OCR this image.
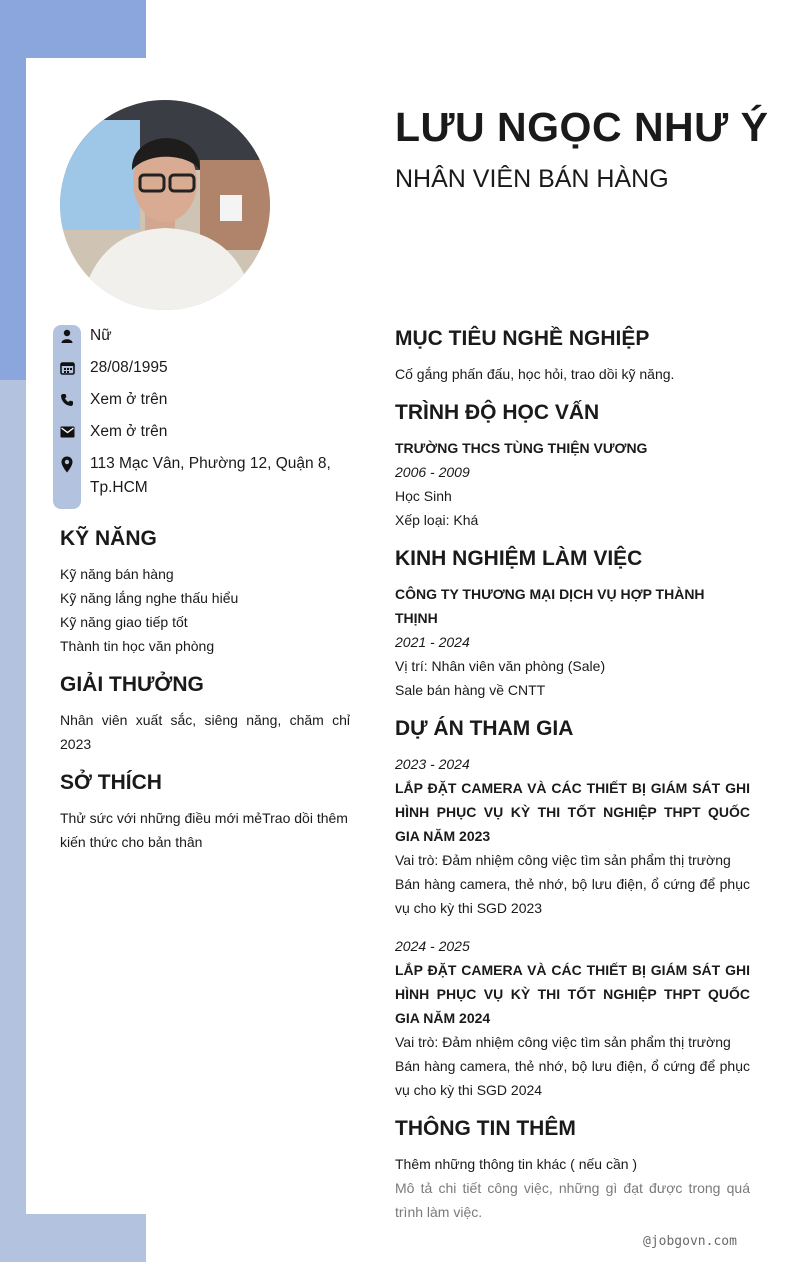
LƯU NGỌC NHƯ Ý
NHÂN VIÊN BÁN HÀNG
Nữ
28/08/1995
Xem ở trên
Xem ở trên
113 Mạc Vân, Phường 12, Quận 8, Tp.HCM
KỸ NĂNG
Kỹ năng bán hàng
Kỹ năng lắng nghe thấu hiểu
Kỹ năng giao tiếp tốt
Thành tin học văn phòng
GIẢI THƯỞNG
Nhân viên xuất sắc, siêng năng, chăm chỉ 2023
SỞ THÍCH
Thử sức với những điều mới mẻTrao dồi thêm kiến thức cho bản thân
MỤC TIÊU NGHỀ NGHIỆP
Cố gắng phấn đấu, học hỏi, trao dồi kỹ năng.
TRÌNH ĐỘ HỌC VẤN
TRƯỜNG THCS TÙNG THIỆN VƯƠNG
2006 - 2009
Học Sinh
Xếp loại: Khá
KINH NGHIỆM LÀM VIỆC
CÔNG TY THƯƠNG MẠI DỊCH VỤ HỢP THÀNH THỊNH
2021 - 2024
Vị trí: Nhân viên văn phòng (Sale)
Sale bán hàng về CNTT
DỰ ÁN THAM GIA
2023 - 2024
LẮP ĐẶT CAMERA VÀ CÁC THIẾT BỊ GIÁM SÁT GHI HÌNH PHỤC VỤ KỲ THI TỐT NGHIỆP THPT QUỐC GIA NĂM 2023
Vai trò: Đảm nhiệm công việc tìm sản phẩm thị trường
Bán hàng camera, thẻ nhớ, bộ lưu điện, ổ cứng để phục vụ cho kỳ thi SGD 2023
2024 - 2025
LẮP ĐẶT CAMERA VÀ CÁC THIẾT BỊ GIÁM SÁT GHI HÌNH PHỤC VỤ KỲ THI TỐT NGHIỆP THPT QUỐC GIA NĂM 2024
Vai trò: Đảm nhiệm công việc tìm sản phẩm thị trường
Bán hàng camera, thẻ nhớ, bộ lưu điện, ổ cứng để phục vụ cho kỳ thi SGD 2024
THÔNG TIN THÊM
Thêm những thông tin khác ( nếu cần )
Mô tả chi tiết công việc, những gì đạt được trong quá trình làm việc.
@jobgovn.com
